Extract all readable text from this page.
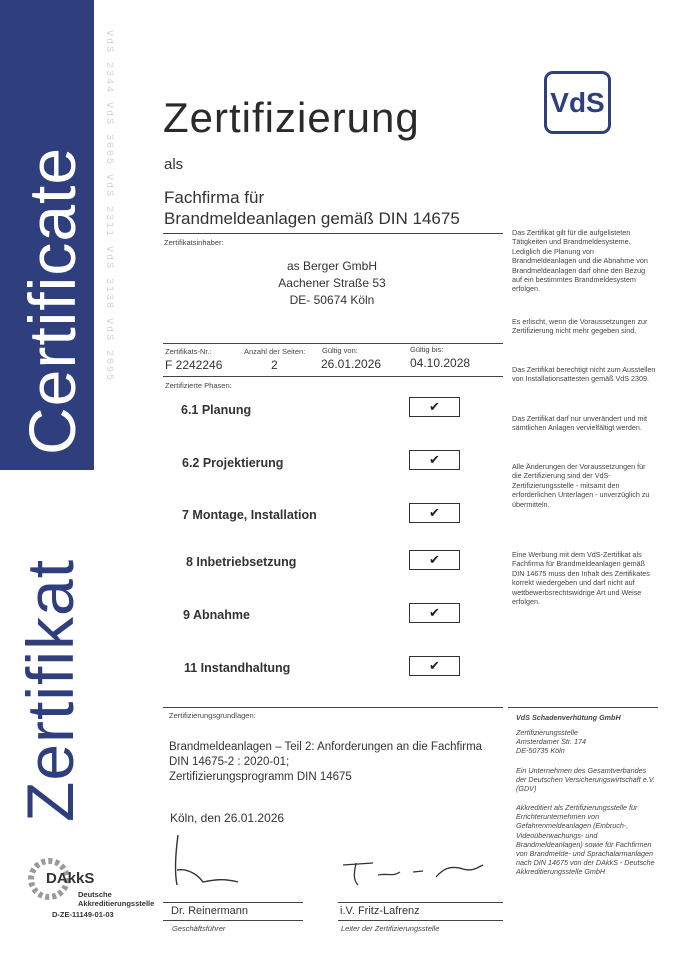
Certificate
Zertifikat
VdS 2344 VdS 3005 VdS 2311 VdS 3138 VdS 2095	VdS
Zertifizierung
als
Fachfirma für
Brandmeldeanlagen gemäß DIN 14675
Zertifikatsinhaber:
as Berger GmbH
Aachener Straße 53
DE- 50674 Köln
Zertifikats-Nr.:	Anzahl der Seiten: Gültig von:	Gültig bis:
F 2242246	2	26.01.2026 04.10.2028
Zertifizierte Phasen:
6.1 Planung	✔
6.2 Projektierung	✔
7 Montage, Installation	✔
8 Inbetriebsetzung	✔
9 Abnahme	✔
11 Instandhaltung	✔
Das Zertifikat gilt für die aufgelisteten Tätigkeiten und Brandmeldesysteme. Lediglich die Planung von Brandmeldeanlagen und die Abnahme von Brandmeldeanlagen darf ohne den Bezug auf ein bestimmtes Brandmeldesystem erfolgen.
Es erlischt, wenn die Voraussetzungen zur Zertifizierung nicht mehr gegeben sind.
Das Zertifikat berechtigt nicht zum Ausstellen von Installationsattesten gemäß VdS 2309.
Das Zertifikat darf nur unverändert und mit sämtlichen Anlagen vervielfältigt werden.
Alle Änderungen der Voraussetzungen für die Zertifizierung sind der VdS-Zertifizierungsstelle - mitsamt den erforderlichen Unterlagen - unverzüglich zu übermitteln.
Eine Werbung mit dem VdS-Zertifikat als Fachfirma für Brandmeldeanlagen gemäß DIN 14675 muss den Inhalt des Zertifikates korrekt wiedergeben und darf nicht auf wettbewerbsrechtswidrige Art und Weise erfolgen.
Zertifizierungsgrundlagen:
Brandmeldeanlagen – Teil 2: Anforderungen an die Fachfirma
DIN 14675-2 : 2020-01;
Zertifizierungsprogramm DIN 14675
VdS Schadenverhütung GmbH
Zertifizierungsstelle
Amsterdamer Str. 174
DE-50735 Köln
Ein Unternehmen des Gesamtverbandes der Deutschen Versicherungswirtschaft e.V. (GDV)
Akkreditiert als Zertifizierungsstelle für Errichterunternehmen von Gefahrenmeldeanlagen (Einbruch-, Videoüberwachungs- und Brandmeldeanlagen) sowie für Fachfirmen von Brandmelde- und Sprachalarmanlagen nach DIN 14675 von der DAkkS - Deutsche Akkreditierungsstelle GmbH
Köln, den 26.01.2026
Dr. Reinermann	i.V. Fritz-Lafrenz
Geschäftsführer	Leiter der Zertifizierungsstelle
DAkkS
Deutsche
Akkreditierungsstelle
D-ZE-11149-01-03
